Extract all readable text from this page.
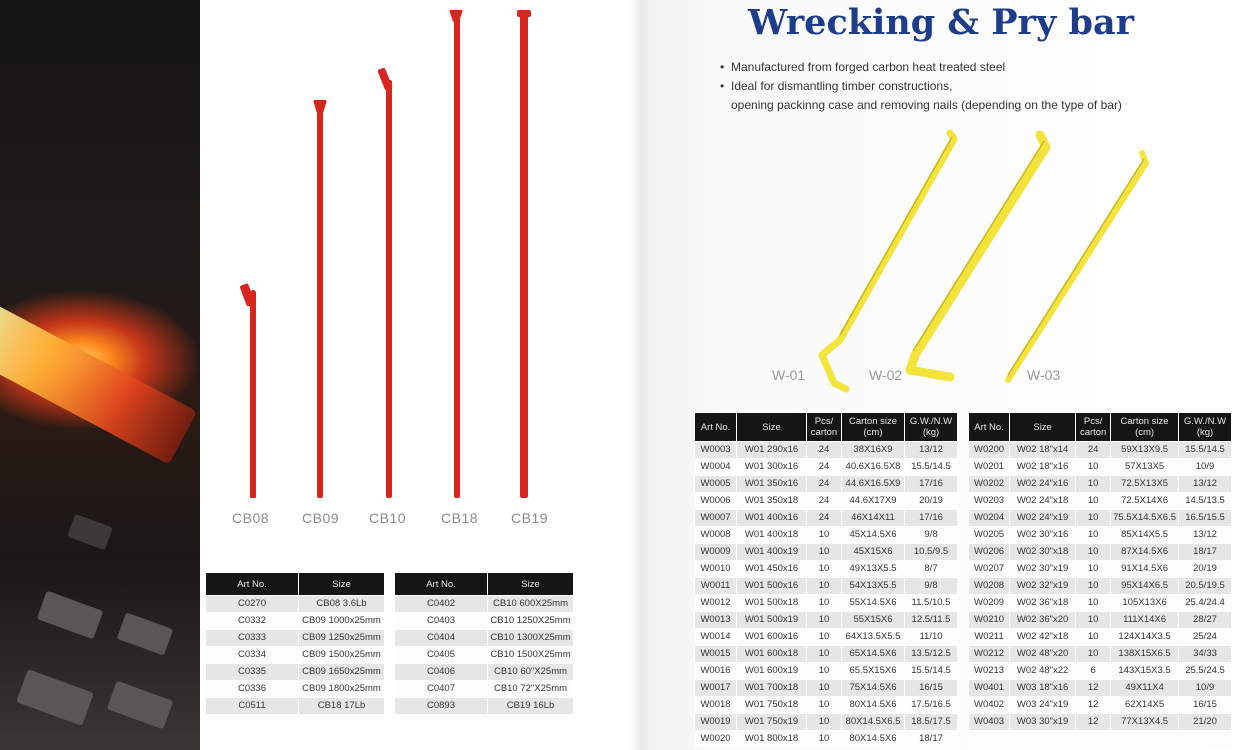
CB08 CB09 CB10 CB18 CB19
Art No.	Size
C0270	CB08 3.6Lb
C0332	CB09 1000x25mm
C0333	CB09 1250x25mm
C0334	CB09 1500x25mm
C0335	CB09 1650x25mm
C0336	CB09 1800x25mm
C0511	CB18 17Lb
Art No.	Size
C0402	CB10 600X25mm
C0403	CB10 1250X25mm
C0404	CB10 1300X25mm
C0405	CB10 1500X25mm
C0406	CB10 60"X25mm
C0407	CB10 72"X25mm
C0893	CB19 16Lb
Wrecking & Pry bar
• Manufactured from forged carbon heat treated steel
• Ideal for dismantling timber constructions,
opening packinng case and removing nails (depending on the type of bar)
W-01	W-02	W-03
Art No.	Size	Pcs/ carton	Carton size (cm)	G.W./N.W (kg)
W0003	W01 290x16	24	38X16X9	13/12
W0004	W01 300x16	24	40.6X16.5X8	15.5/14.5
W0005	W01 350x16	24	44.6X16.5X9	17/16
W0006	W01 350x18	24	44.6X17X9	20/19
W0007	W01 400x16	24	46X14X11	17/16
W0008	W01 400x18	10	45X14.5X6	9/8
W0009	W01 400x19	10	45X15X6	10.5/9.5
W0010	W01 450x16	10	49X13X5.5	8/7
W0011	W01 500x16	10	54X13X5.5	9/8
W0012	W01 500x18	10	55X14.5X6	11.5/10.5
W0013	W01 500x19	10	55X15X6	12.5/11.5
W0014	W01 600x16	10	64X13.5X5.5	11/10
W0015	W01 600x18	10	65X14.5X6	13.5/12.5
W0016	W01 600x19	10	65.5X15X6	15.5/14.5
W0017	W01 700x18	10	75X14.5X6	16/15
W0018	W01 750x18	10	80X14.5X6	17.5/16.5
W0019	W01 750x19	10	80X14.5X6.5	18.5/17.5
W0020	W01 800x18	10	80X14.5X6	18/17
Art No.	Size	Pcs/ carton	Carton size (cm)	G.W./N.W (kg)
W0200	W02 18"x14	24	59X13X9.5	15.5/14.5
W0201	W02 18"x16	10	57X13X5	10/9
W0202	W02 24"x16	10	72.5X13X5	13/12
W0203	W02 24"x18	10	72.5X14X6	14.5/13.5
W0204	W02 24"x19	10	75.5X14.5X6.5	16.5/15.5
W0205	W02 30"x16	10	85X14X5.5	13/12
W0206	W02 30"x18	10	87X14.5X6	18/17
W0207	W02 30"x19	10	91X14.5X6	20/19
W0208	W02 32"x19	10	95X14X6.5	20.5/19.5
W0209	W02 36"x18	10	105X13X6	25.4/24.4
W0210	W02 36"x20	10	111X14X6	28/27
W0211	W02 42"x18	10	124X14X3.5	25/24
W0212	W02 48"x20	10	138X15X6.5	34/33
W0213	W02 48"x22	6	143X15X3.5	25.5/24.5
W0401	W03 18"x16	12	49X11X4	10/9
W0402	W03 24"x19	12	62X14X5	16/15
W0403	W03 30"x19	12	77X13X4.5	21/20
